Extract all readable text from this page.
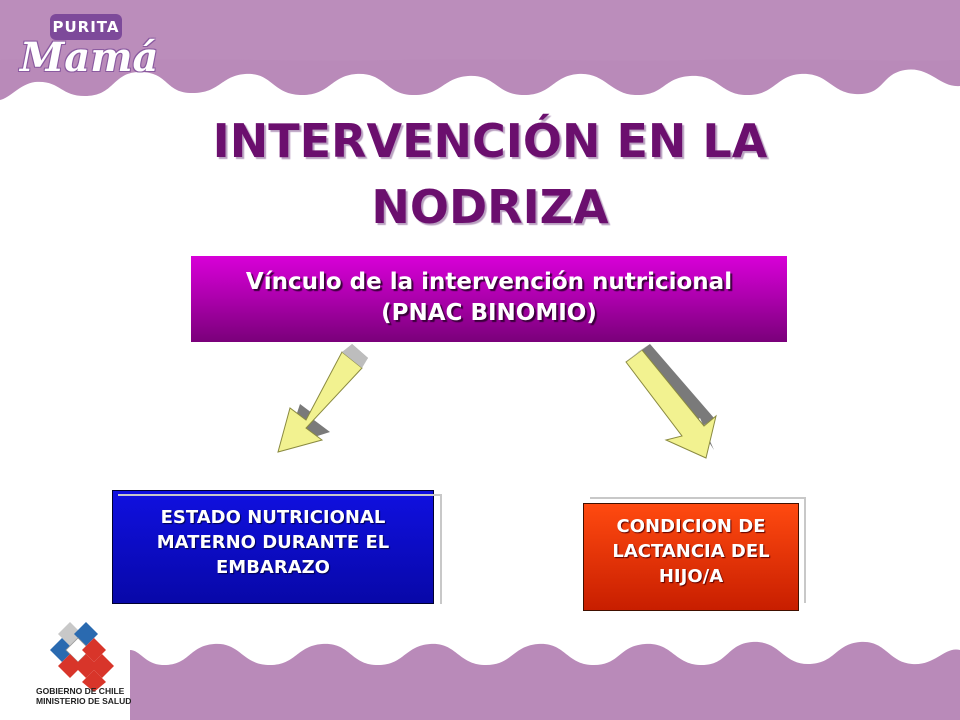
PURITA
Mamá
INTERVENCIÓN EN LA
NODRIZA
Vínculo de la intervención nutricional
(PNAC BINOMIO)
ESTADO NUTRICIONAL
MATERNO DURANTE EL
EMBARAZO
CONDICION DE
LACTANCIA DEL
HIJO/A
GOBIERNO DE CHILE
MINISTERIO DE SALUD
